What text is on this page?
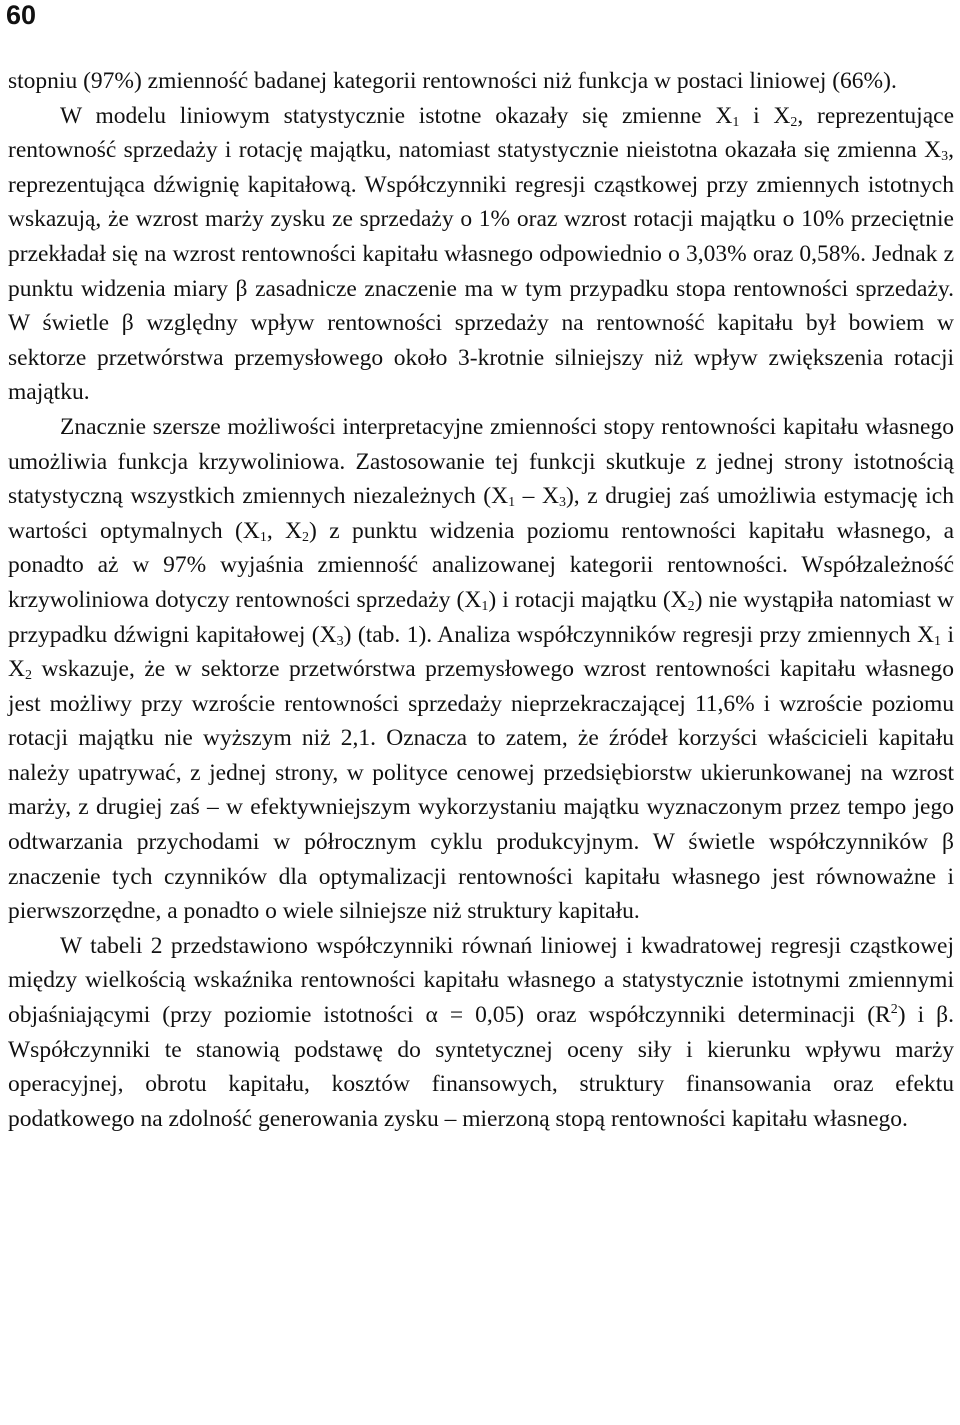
60

stopniu (97%) zmienność badanej kategorii rentowności niż funkcja w postaci liniowej (66%).

W modelu liniowym statystycznie istotne okazały się zmienne $X_1$ i $X_2$, reprezentujące rentowność sprzedaży i rotację majątku, natomiast statystycznie nieistotna okazała się zmienna $X_3$, reprezentująca dźwignię kapitałową. Współczynniki regresji cząstkowej przy zmiennych istotnych wskazują, że wzrost marży zysku ze sprzedaży o 1% oraz wzrost rotacji majątku o 10% przeciętnie przekładał się na wzrost rentowności kapitału własnego odpowiednio o 3,03% oraz 0,58%. Jednak z punktu widzenia miary β zasadnicze znaczenie ma w tym przypadku stopa rentowności sprzedaży. W świetle β względny wpływ rentowności sprzedaży na rentowność kapitału był bowiem w sektorze przetwórstwa przemysłowego około 3-krotnie silniejszy niż wpływ zwiększenia rotacji majątku.

Znacznie szersze możliwości interpretacyjne zmienności stopy rentowności kapitału własnego umożliwia funkcja krzywoliniowa. Zastosowanie tej funkcji skutkuje z jednej strony istotnością statystyczną wszystkich zmiennych niezależnych $(X_1 - X_3)$, z drugiej zaś umożliwia estymację ich wartości optymalnych ($X_1$, $X_2$) z punktu widzenia poziomu rentowności kapitału własnego, a ponadto aż w 97% wyjaśnia zmienność analizowanej kategorii rentowności. Współzależność krzywoliniowa dotyczy rentowności sprzedaży $(X_1)$ i rotacji majątku $(X_2)$ nie wystąpiła natomiast w przypadku dźwigni kapitałowej $(X_3)$ (tab. 1). Analiza współczynników regresji przy zmiennych $X_1$ i $X_2$ wskazuje, że w sektorze przetwórstwa przemysłowego wzrost rentowności kapitału własnego jest możliwy przy wzroście rentowności sprzedaży nieprzekraczającej 11,6% i wzroście poziomu rotacji majątku nie wyższym niż 2,1. Oznacza to zatem, że źródeł korzyści właścicieli kapitału należy upatrywać, z jednej strony, w polityce cenowej przedsiębiorstw ukierunkowanej na wzrost marży, z drugiej zaś – w efektywniejszym wykorzystaniu majątku wyznaczonym przez tempo jego odtwarzania przychodami w półrocznym cyklu produkcyjnym. W świetle współczynników β znaczenie tych czynników dla optymalizacji rentowności kapitału własnego jest równoważne i pierwszorzędne, a ponadto o wiele silniejsze niż struktury kapitału.

W tabeli 2 przedstawiono współczynniki równań liniowej i kwadratowej regresji cząstkowej między wielkością wskaźnika rentowności kapitału własnego a statystycznie istotnymi zmiennymi objaśniającymi (przy poziomie istotności α = 0,05) oraz współczynniki determinacji $(R^2)$ i β. Współczynniki te stanowią podstawę do syntetycznej oceny siły i kierunku wpływu marży operacyjnej, obrotu kapitału, kosztów finansowych, struktury finansowania oraz efektu podatkowego na zdolność generowania zysku – mierzoną stopą rentowności kapitału własnego.
